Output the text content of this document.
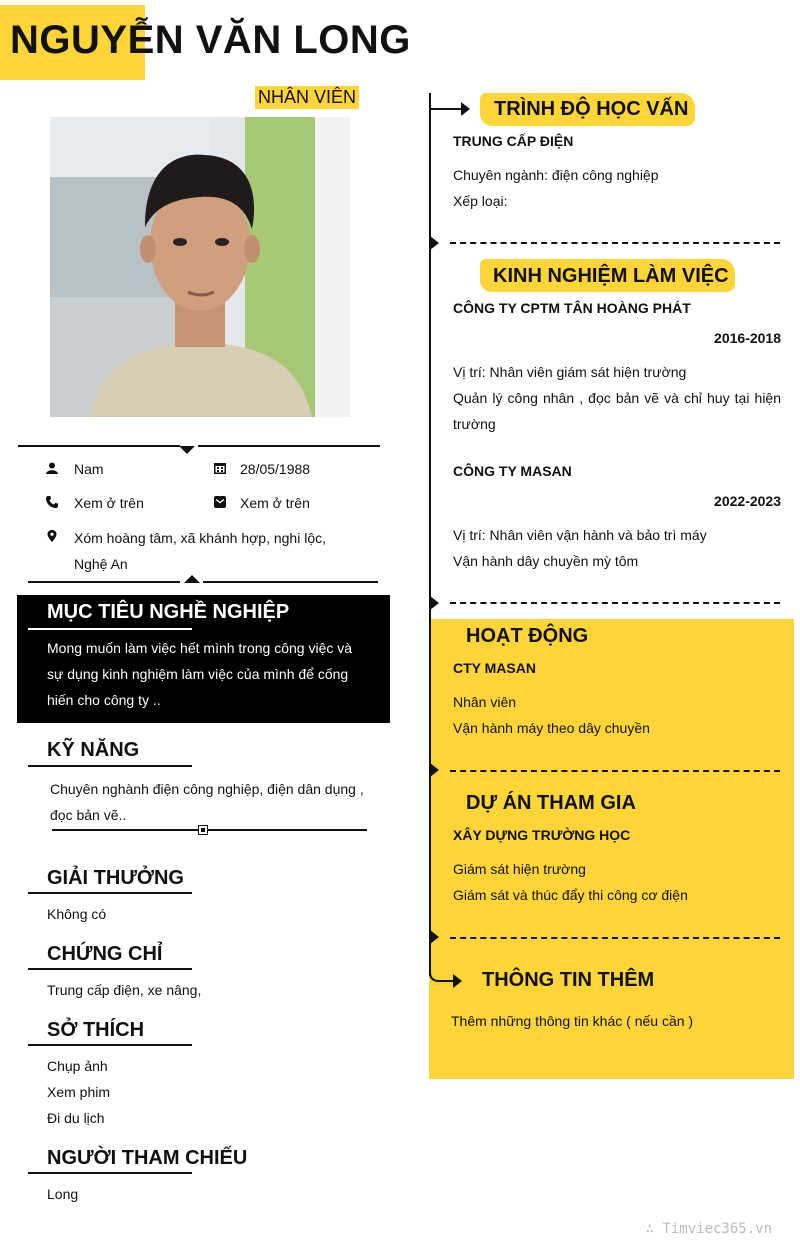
NGUYỄN VĂN LONG
NHÂN VIÊN
Nam	28/05/1988
Xem ở trên	Xem ở trên
Xóm hoàng tâm, xã khánh hợp, nghi lộc, Nghệ An
MỤC TIÊU NGHỀ NGHIỆP
Mong muốn làm việc hết mình trong công việc và sự dụng kinh nghiệm làm việc của mình để cống hiến cho công ty ..
KỸ NĂNG
Chuyên nghành điện công nghiệp, điện dân dụng , đọc bản vẽ..
GIẢI THƯỞNG
Không có
CHỨNG CHỈ
Trung cấp điện, xe nâng,
SỞ THÍCH
Chụp ảnh
Xem phim
Đi du lịch
NGƯỜI THAM CHIẾU
Long
TRÌNH ĐỘ HỌC VẤN
TRUNG CẤP ĐIỆN
Chuyên ngành: điện công nghiệp
Xếp loại:
KINH NGHIỆM LÀM VIỆC
CÔNG TY CPTM TÂN HOÀNG PHÁT
2016-2018
Vị trí: Nhân viên giám sát hiện trường
Quản lý công nhân , đọc bản vẽ và chỉ huy tại hiện trường
CÔNG TY MASAN
2022-2023
Vị trí: Nhân viên vận hành và bảo trì máy
Vận hành dây chuyền mỳ tôm
HOẠT ĐỘNG
CTY MASAN
Nhân viên
Vận hành máy theo dây chuyền
DỰ ÁN THAM GIA
XÂY DỰNG TRƯỜNG HỌC
Giám sát hiện trường
Giám sát và thúc đẩy thi công cơ điện
THÔNG TIN THÊM
Thêm những thông tin khác ( nếu cần )
∴ Timviec365.vn
